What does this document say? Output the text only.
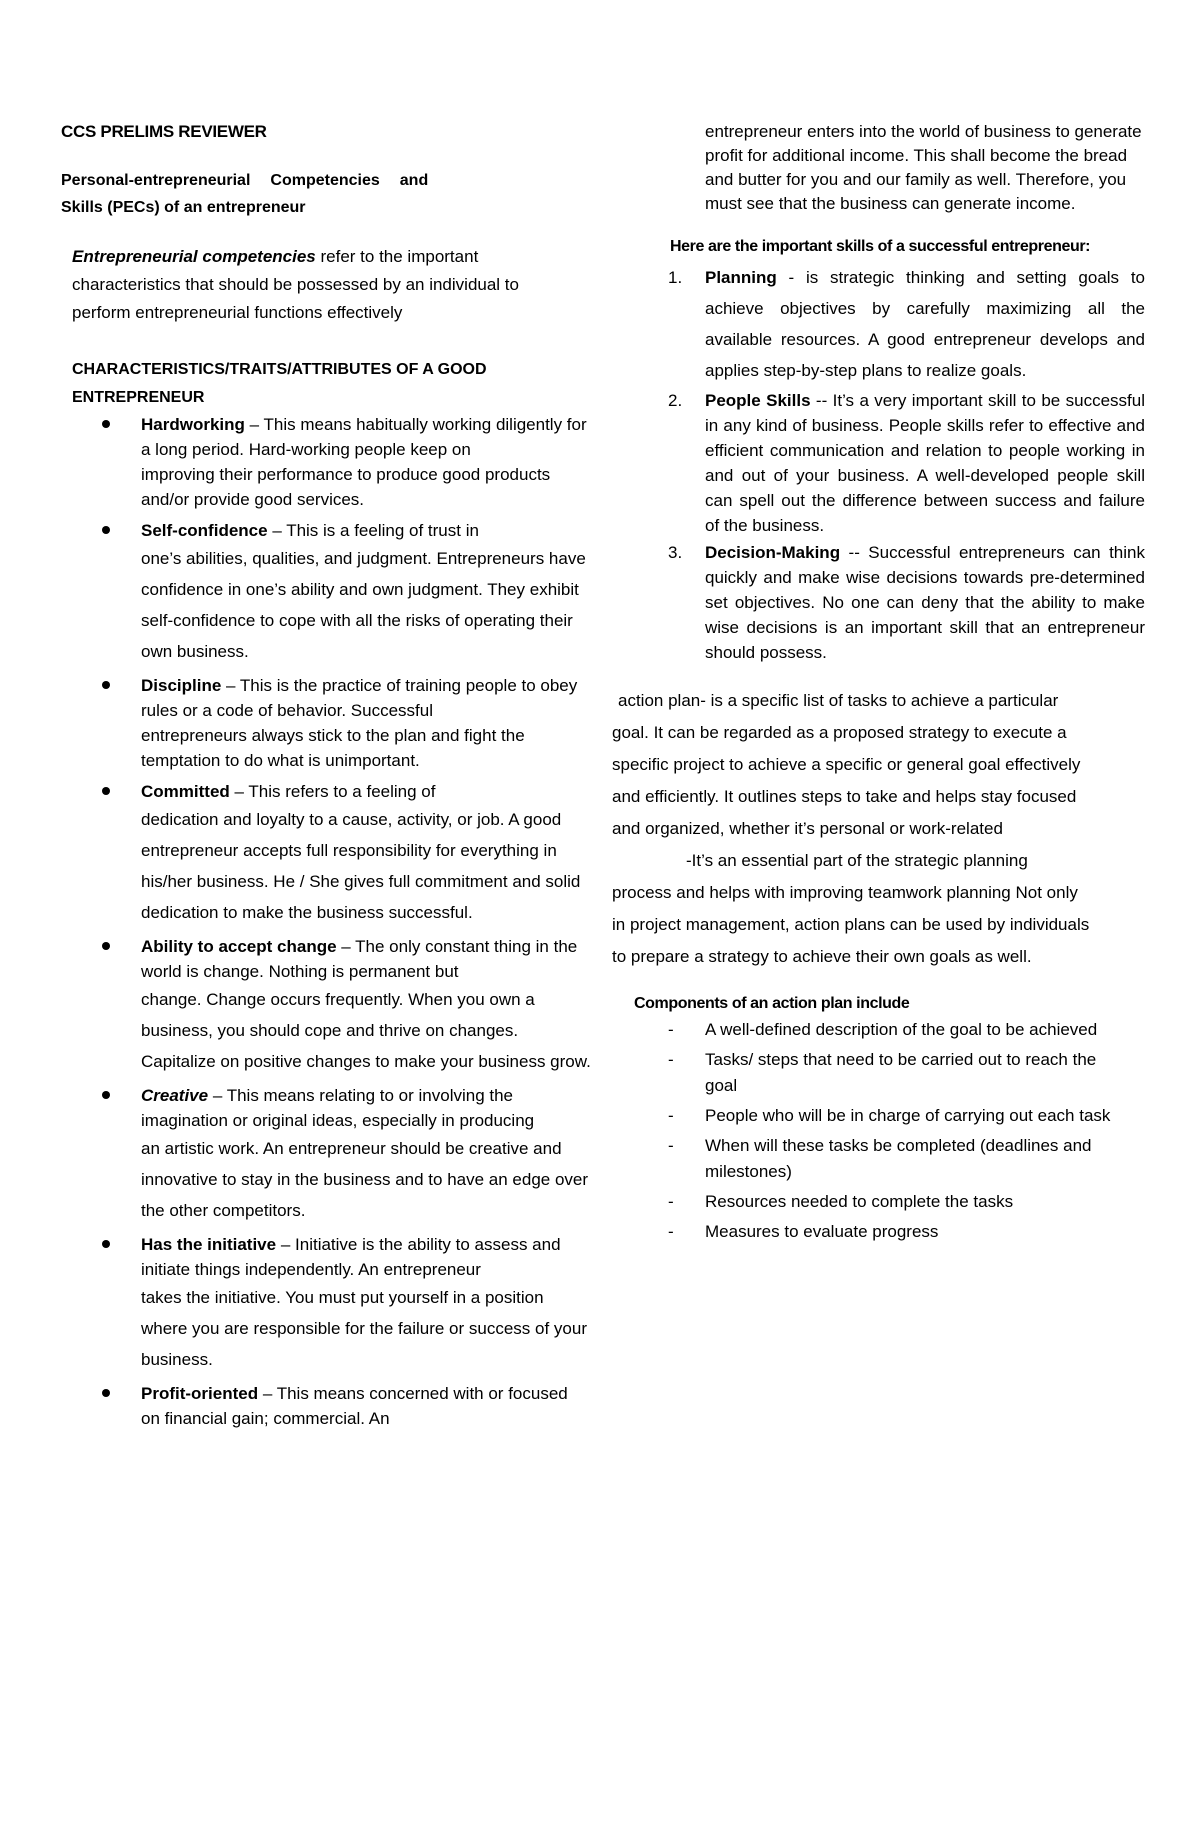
CCS PRELIMS REVIEWER
Personal-entrepreneurial Competencies and
Skills (PECs) of an entrepreneur
Entrepreneurial competencies refer to the important characteristics that should be possessed by an individual to perform entrepreneurial functions effectively
CHARACTERISTICS/TRAITS/ATTRIBUTES OF A GOOD ENTREPRENEUR
Hardworking – This means habitually working diligently for a long period. Hard-working people keep on
improving their performance to produce good products and/or provide good services.
Self-confidence – This is a feeling of trust in
one’s abilities, qualities, and judgment. Entrepreneurs have confidence in one’s ability and own judgment. They exhibit self-confidence to cope with all the risks of operating their own business.
Discipline – This is the practice of training people to obey rules or a code of behavior. Successful
entrepreneurs always stick to the plan and fight the temptation to do what is unimportant.
Committed – This refers to a feeling of
dedication and loyalty to a cause, activity, or job. A good entrepreneur accepts full responsibility for everything in his/her business. He / She gives full commitment and solid dedication to make the business successful.
Ability to accept change – The only constant thing in the world is change. Nothing is permanent but
change. Change occurs frequently. When you own a business, you should cope and thrive on changes. Capitalize on positive changes to make your business grow.
Creative – This means relating to or involving the imagination or original ideas, especially in producing
an artistic work. An entrepreneur should be creative and innovative to stay in the business and to have an edge over the other competitors.
Has the initiative – Initiative is the ability to assess and initiate things independently. An entrepreneur
takes the initiative. You must put yourself in a position where you are responsible for the failure or success of your business.
Profit-oriented – This means concerned with or focused on financial gain; commercial. An
entrepreneur enters into the world of business to generate profit for additional income. This shall become the bread and butter for you and our family as well. Therefore, you must see that the business can generate income.
Here are the important skills of a successful entrepreneur:
1. Planning - is strategic thinking and setting goals to achieve objectives by carefully maximizing all the available resources. A good entrepreneur develops and applies step-by-step plans to realize goals.
2. People Skills -- It’s a very important skill to be successful in any kind of business. People skills refer to effective and efficient communication and relation to people working in and out of your business. A well-developed people skill can spell out the difference between success and failure of the business.
3. Decision-Making -- Successful entrepreneurs can think quickly and make wise decisions towards pre-determined set objectives. No one can deny that the ability to make wise decisions is an important skill that an entrepreneur should possess.
action plan- is a specific list of tasks to achieve a particular goal. It can be regarded as a proposed strategy to execute a specific project to achieve a specific or general goal effectively and efficiently. It outlines steps to take and helps stay focused and organized, whether it’s personal or work-related
-It’s an essential part of the strategic planning process and helps with improving teamwork planning Not only in project management, action plans can be used by individuals to prepare a strategy to achieve their own goals as well.
Components of an action plan include
- A well-defined description of the goal to be achieved
- Tasks/ steps that need to be carried out to reach the goal
- People who will be in charge of carrying out each task
- When will these tasks be completed (deadlines and milestones)
- Resources needed to complete the tasks
- Measures to evaluate progress
